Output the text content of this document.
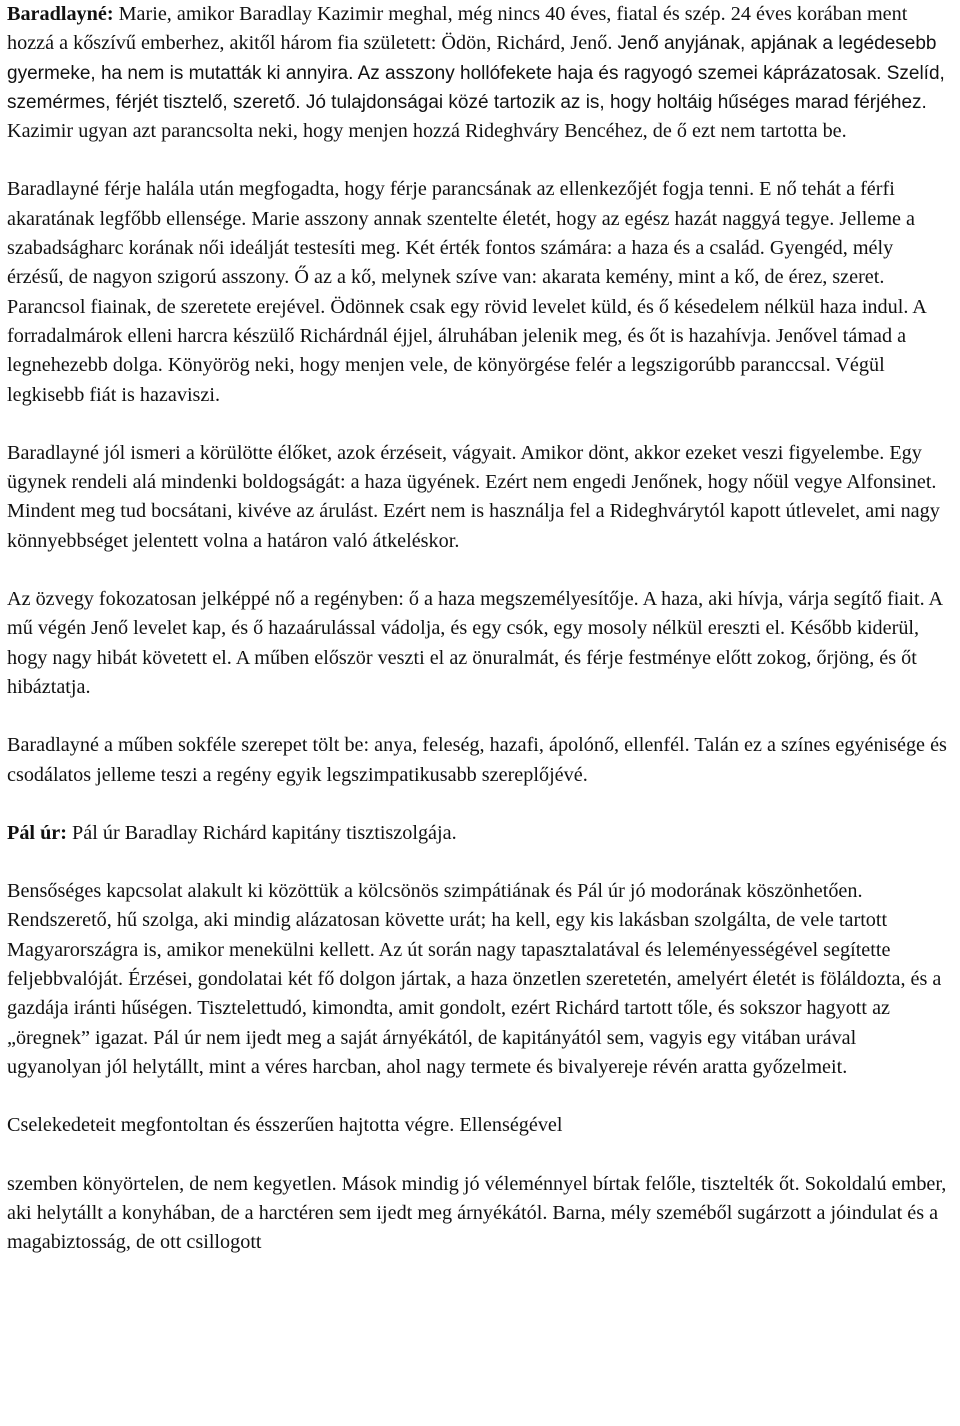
Baradlayné: Marie, amikor Baradlay Kazimir meghal, még nincs 40 éves, fiatal és szép. 24 éves korában ment hozzá a kőszívű emberhez, akitől három fia született: Ödön, Richárd, Jenő. Jenő anyjának, apjának a legédesebb gyermeke, ha nem is mutatták ki annyira. Az asszony hollófekete haja és ragyogó szemei káprázatosak. Szelíd, szemérmes, férjét tisztelő, szerető. Jó tulajdonságai közé tartozik az is, hogy holtáig hűséges marad férjéhez. Kazimir ugyan azt parancsolta neki, hogy menjen hozzá Rideghváry Bencéhez, de ő ezt nem tartotta be.

Baradlayné férje halála után megfogadta, hogy férje parancsának az ellenkezőjét fogja tenni. E nő tehát a férfi akaratának legfőbb ellensége. Marie asszony annak szentelte életét, hogy az egész hazát naggyá tegye. Jelleme a szabadságharc korának női ideálját testesíti meg. Két érték fontos számára: a haza és a család. Gyengéd, mély érzésű, de nagyon szigorú asszony. Ő az a kő, melynek szíve van: akarata kemény, mint a kő, de érez, szeret. Parancsol fiainak, de szeretete erejével. Ödönnek csak egy rövid levelet küld, és ő késedelem nélkül haza indul. A forradalmárok elleni harcra készülő Richárdnál éjjel, álruhában jelenik meg, és őt is hazahívja. Jenővel támad a legnehezebb dolga. Könyörög neki, hogy menjen vele, de könyörgése felér a legszigorúbb paranccsal. Végül legkisebb fiát is hazaviszi.

Baradlayné jól ismeri a körülötte élőket, azok érzéseit, vágyait. Amikor dönt, akkor ezeket veszi figyelembe. Egy ügynek rendeli alá mindenki boldogságát: a haza ügyének. Ezért nem engedi Jenőnek, hogy nőül vegye Alfonsinet. Mindent meg tud bocsátani, kivéve az árulást. Ezért nem is használja fel a Rideghvárytól kapott útlevelet, ami nagy könnyebbséget jelentett volna a határon való átkeléskor.

Az özvegy fokozatosan jelképpé nő a regényben: ő a haza megszemélyesítője. A haza, aki hívja, várja segítő fiait. A mű végén Jenő levelet kap, és ő hazaárulással vádolja, és egy csók, egy mosoly nélkül ereszti el. Később kiderül, hogy nagy hibát követett el. A műben először veszti el az önuralmát, és férje festménye előtt zokog, őrjöng, és őt hibáztatja.

Baradlayné a műben sokféle szerepet tölt be: anya, feleség, hazafi, ápolónő, ellenfél. Talán ez a színes egyénisége és csodálatos jelleme teszi a regény egyik legszimpatikusabb szereplőjévé.

Pál úr: Pál úr Baradlay Richárd kapitány tisztiszolgája.

Bensőséges kapcsolat alakult ki közöttük a kölcsönös szimpátiának és Pál úr jó modorának köszönhetően. Rendszerető, hű szolga, aki mindig alázatosan követte urát; ha kell, egy kis lakásban szolgálta, de vele tartott Magyarországra is, amikor menekülni kellett. Az út során nagy tapasztalatával és leleményességével segítette feljebbvalóját. Érzései, gondolatai két fő dolgon jártak, a haza önzetlen szeretetén, amelyért életét is föláldozta, és a gazdája iránti hűségen. Tisztelettudó, kimondta, amit gondolt, ezért Richárd tartott tőle, és sokszor hagyott az „öregnek” igazat. Pál úr nem ijedt meg a saját árnyékától, de kapitányától sem, vagyis egy vitában urával ugyanolyan jól helytállt, mint a véres harcban, ahol nagy termete és bivalyereje révén aratta győzelmeit.

Cselekedeteit megfontoltan és ésszerűen hajtotta végre. Ellenségével

szemben könyörtelen, de nem kegyetlen. Mások mindig jó véleménnyel bírtak felőle, tisztelték őt. Sokoldalú ember, aki helytállt a konyhában, de a harctéren sem ijedt meg árnyékától. Barna, mély szeméből sugárzott a jóindulat és a magabiztosság, de ott csillogott
